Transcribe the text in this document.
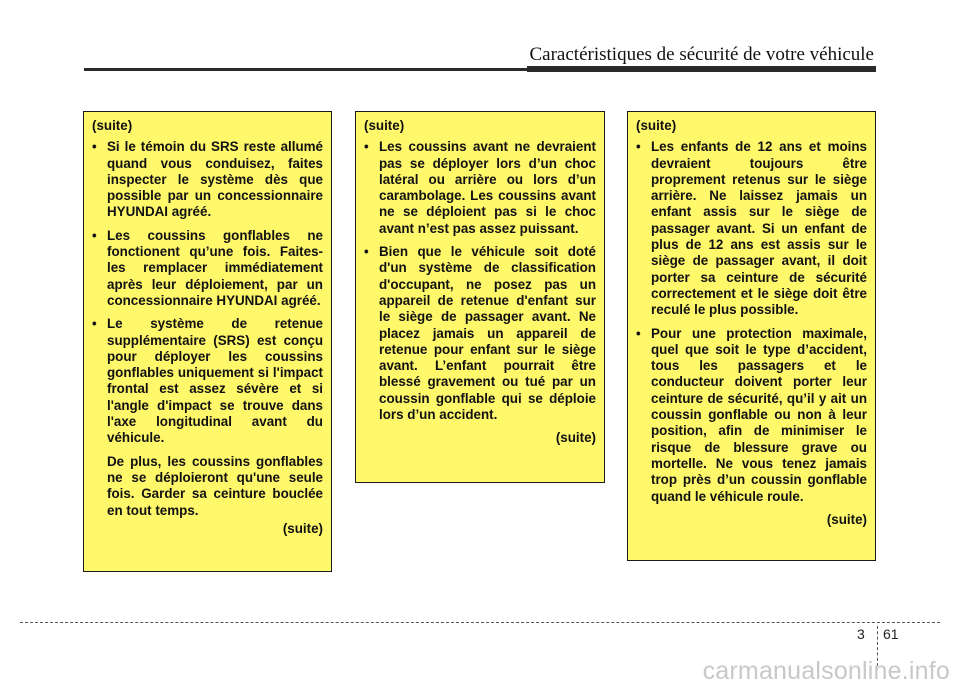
Caractéristiques de sécurité de votre véhicule
(suite)
• Si le témoin du SRS reste allumé quand vous conduisez, faites inspecter le système dès que possible par un concessionnaire HYUNDAI agréé.
• Les coussins gonflables ne fonctionent qu’une fois. Faites-les remplacer immédiatement après leur déploiement, par un concessionnaire HYUNDAI agréé.
• Le système de retenue supplémentaire (SRS) est conçu pour déployer les coussins gonflables uniquement si l'impact frontal est assez sévère et si l'angle d'impact se trouve dans l'axe longitudinal avant du véhicule.
De plus, les coussins gonflables ne se déploieront qu'une seule fois. Garder sa ceinture bouclée en tout temps.
(suite)
(suite)
• Les coussins avant ne devraient pas se déployer lors d’un choc latéral ou arrière ou lors d’un carambolage. Les coussins avant ne se déploient pas si le choc avant n’est pas assez puissant.
• Bien que le véhicule soit doté d'un système de classification d'occupant, ne posez pas un appareil de retenue d'enfant sur le siège de passager avant. Ne placez jamais un appareil de retenue pour enfant sur le siège avant. L’enfant pourrait être blessé gravement ou tué par un coussin gonflable qui se déploie lors d’un accident.
(suite)
(suite)
• Les enfants de 12 ans et moins devraient toujours être proprement retenus sur le siège arrière. Ne laissez jamais un enfant assis sur le siège de passager avant. Si un enfant de plus de 12 ans est assis sur le siège de passager avant, il doit porter sa ceinture de sécurité correctement et le siège doit être reculé le plus possible.
• Pour une protection maximale, quel que soit le type d’accident, tous les passagers et le conducteur doivent porter leur ceinture de sécurité, qu’il y ait un coussin gonflable ou non à leur position, afin de minimiser le risque de blessure grave ou mortelle. Ne vous tenez jamais trop près d’un coussin gonflable quand le véhicule roule.
(suite)
3 61
carmanualsonline.info
